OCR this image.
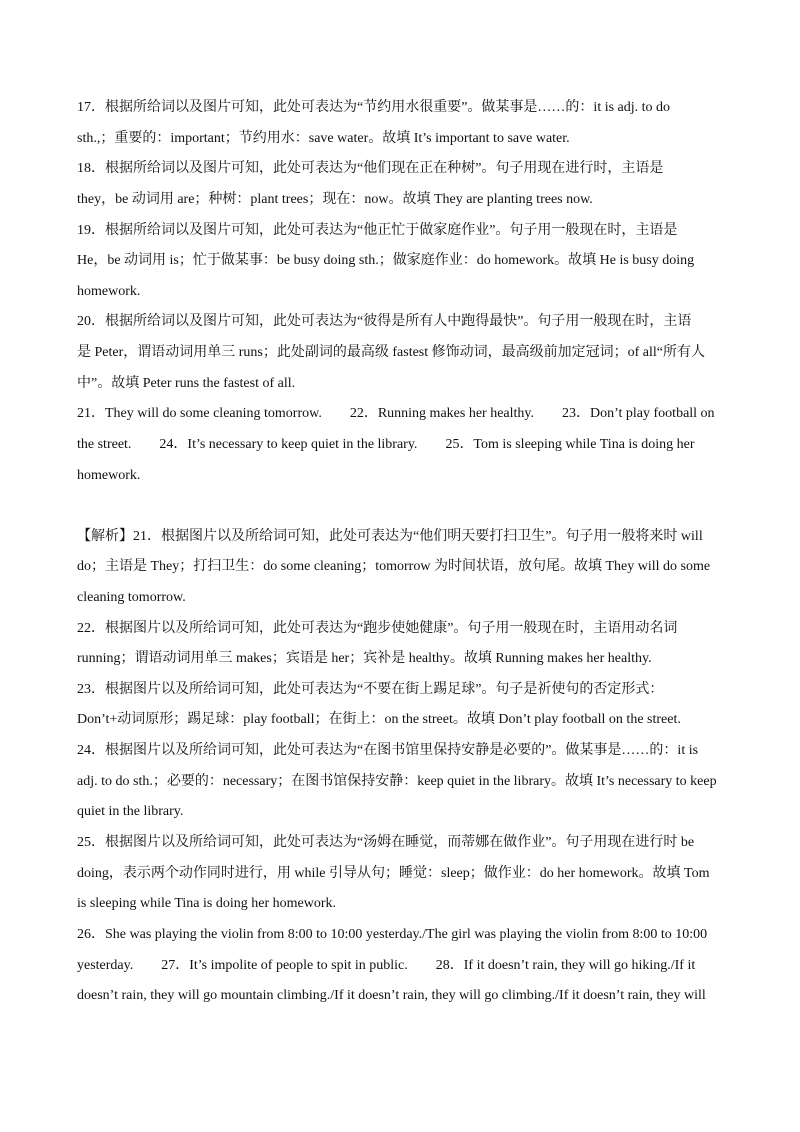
17．根据所给词以及图片可知，此处可表达为“节约用水很重要”。做某事是……的：it is adj. to do
sth.,；重要的：important；节约用水：save water。故填 It’s important to save water.
18．根据所给词以及图片可知，此处可表达为“他们现在正在种树”。句子用现在进行时，主语是
they，be 动词用 are；种树：plant trees；现在：now。故填 They are planting trees now.
19．根据所给词以及图片可知，此处可表达为“他正忙于做家庭作业”。句子用一般现在时，主语是
He，be 动词用 is；忙于做某事：be busy doing sth.；做家庭作业：do homework。故填 He is busy doing
homework.
20．根据所给词以及图片可知，此处可表达为“彼得是所有人中跑得最快”。句子用一般现在时，主语
是 Peter，谓语动词用单三 runs；此处副词的最高级 fastest 修饰动词，最高级前加定冠词；of all“所有人
中”。故填 Peter runs the fastest of all.
21．They will do some cleaning tomorrow. 22．Running makes her healthy. 23．Don’t play football on
the street. 24．It’s necessary to keep quiet in the library. 25．Tom is sleeping while Tina is doing her
homework.
【解析】21．根据图片以及所给词可知，此处可表达为“他们明天要打扫卫生”。句子用一般将来时 will
do；主语是 They；打扫卫生：do some cleaning；tomorrow 为时间状语，放句尾。故填 They will do some
cleaning tomorrow.
22．根据图片以及所给词可知，此处可表达为“跑步使她健康”。句子用一般现在时，主语用动名词
running；谓语动词用单三 makes；宾语是 her；宾补是 healthy。故填 Running makes her healthy.
23．根据图片以及所给词可知，此处可表达为“不要在街上踢足球”。句子是祈使句的否定形式：
Don’t+动词原形；踢足球：play football；在街上：on the street。故填 Don’t play football on the street.
24．根据图片以及所给词可知，此处可表达为“在图书馆里保持安静是必要的”。做某事是……的：it is
adj. to do sth.；必要的：necessary；在图书馆保持安静：keep quiet in the library。故填 It’s necessary to keep
quiet in the library.
25．根据图片以及所给词可知，此处可表达为“汤姆在睡觉，而蒂娜在做作业”。句子用现在进行时 be
doing，表示两个动作同时进行，用 while 引导从句；睡觉：sleep；做作业：do her homework。故填 Tom
is sleeping while Tina is doing her homework.
26．She was playing the violin from 8:00 to 10:00 yesterday./The girl was playing the violin from 8:00 to 10:00
yesterday. 27．It’s impolite of people to spit in public. 28．If it doesn’t rain, they will go hiking./If it
doesn’t rain, they will go mountain climbing./If it doesn’t rain, they will go climbing./If it doesn’t rain, they will
